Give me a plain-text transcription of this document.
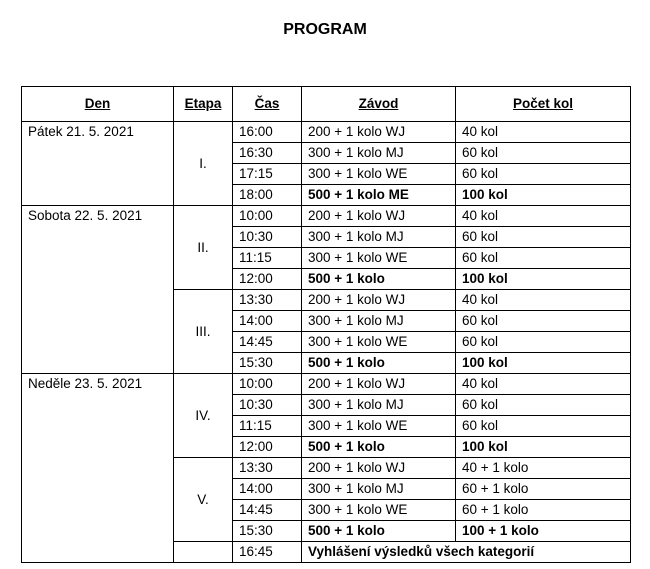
PROGRAM
Den	Etapa	Čas	Závod	Počet kol
Pátek 21. 5. 2021	I.	16:00	200 + 1 kolo WJ	40 kol
		16:30	300 + 1 kolo MJ	60 kol
		17:15	300 + 1 kolo WE	60 kol
		18:00	500 + 1 kolo ME	100 kol
Sobota 22. 5. 2021	II.	10:00	200 + 1 kolo WJ	40 kol
		10:30	300 + 1 kolo MJ	60 kol
		11:15	300 + 1 kolo WE	60 kol
		12:00	500 + 1 kolo	100 kol
	III.	13:30	200 + 1 kolo WJ	40 kol
		14:00	300 + 1 kolo MJ	60 kol
		14:45	300 + 1 kolo WE	60 kol
		15:30	500 + 1 kolo	100 kol
Neděle 23. 5. 2021	IV.	10:00	200 + 1 kolo WJ	40 kol
		10:30	300 + 1 kolo MJ	60 kol
		11:15	300 + 1 kolo WE	60 kol
		12:00	500 + 1 kolo	100 kol
	V.	13:30	200 + 1 kolo WJ	40 + 1 kolo
		14:00	300 + 1 kolo MJ	60 + 1 kolo
		14:45	300 + 1 kolo WE	60 + 1 kolo
		15:30	500 + 1 kolo	100 + 1 kolo
		16:45	Vyhlášení výsledků všech kategorií	
